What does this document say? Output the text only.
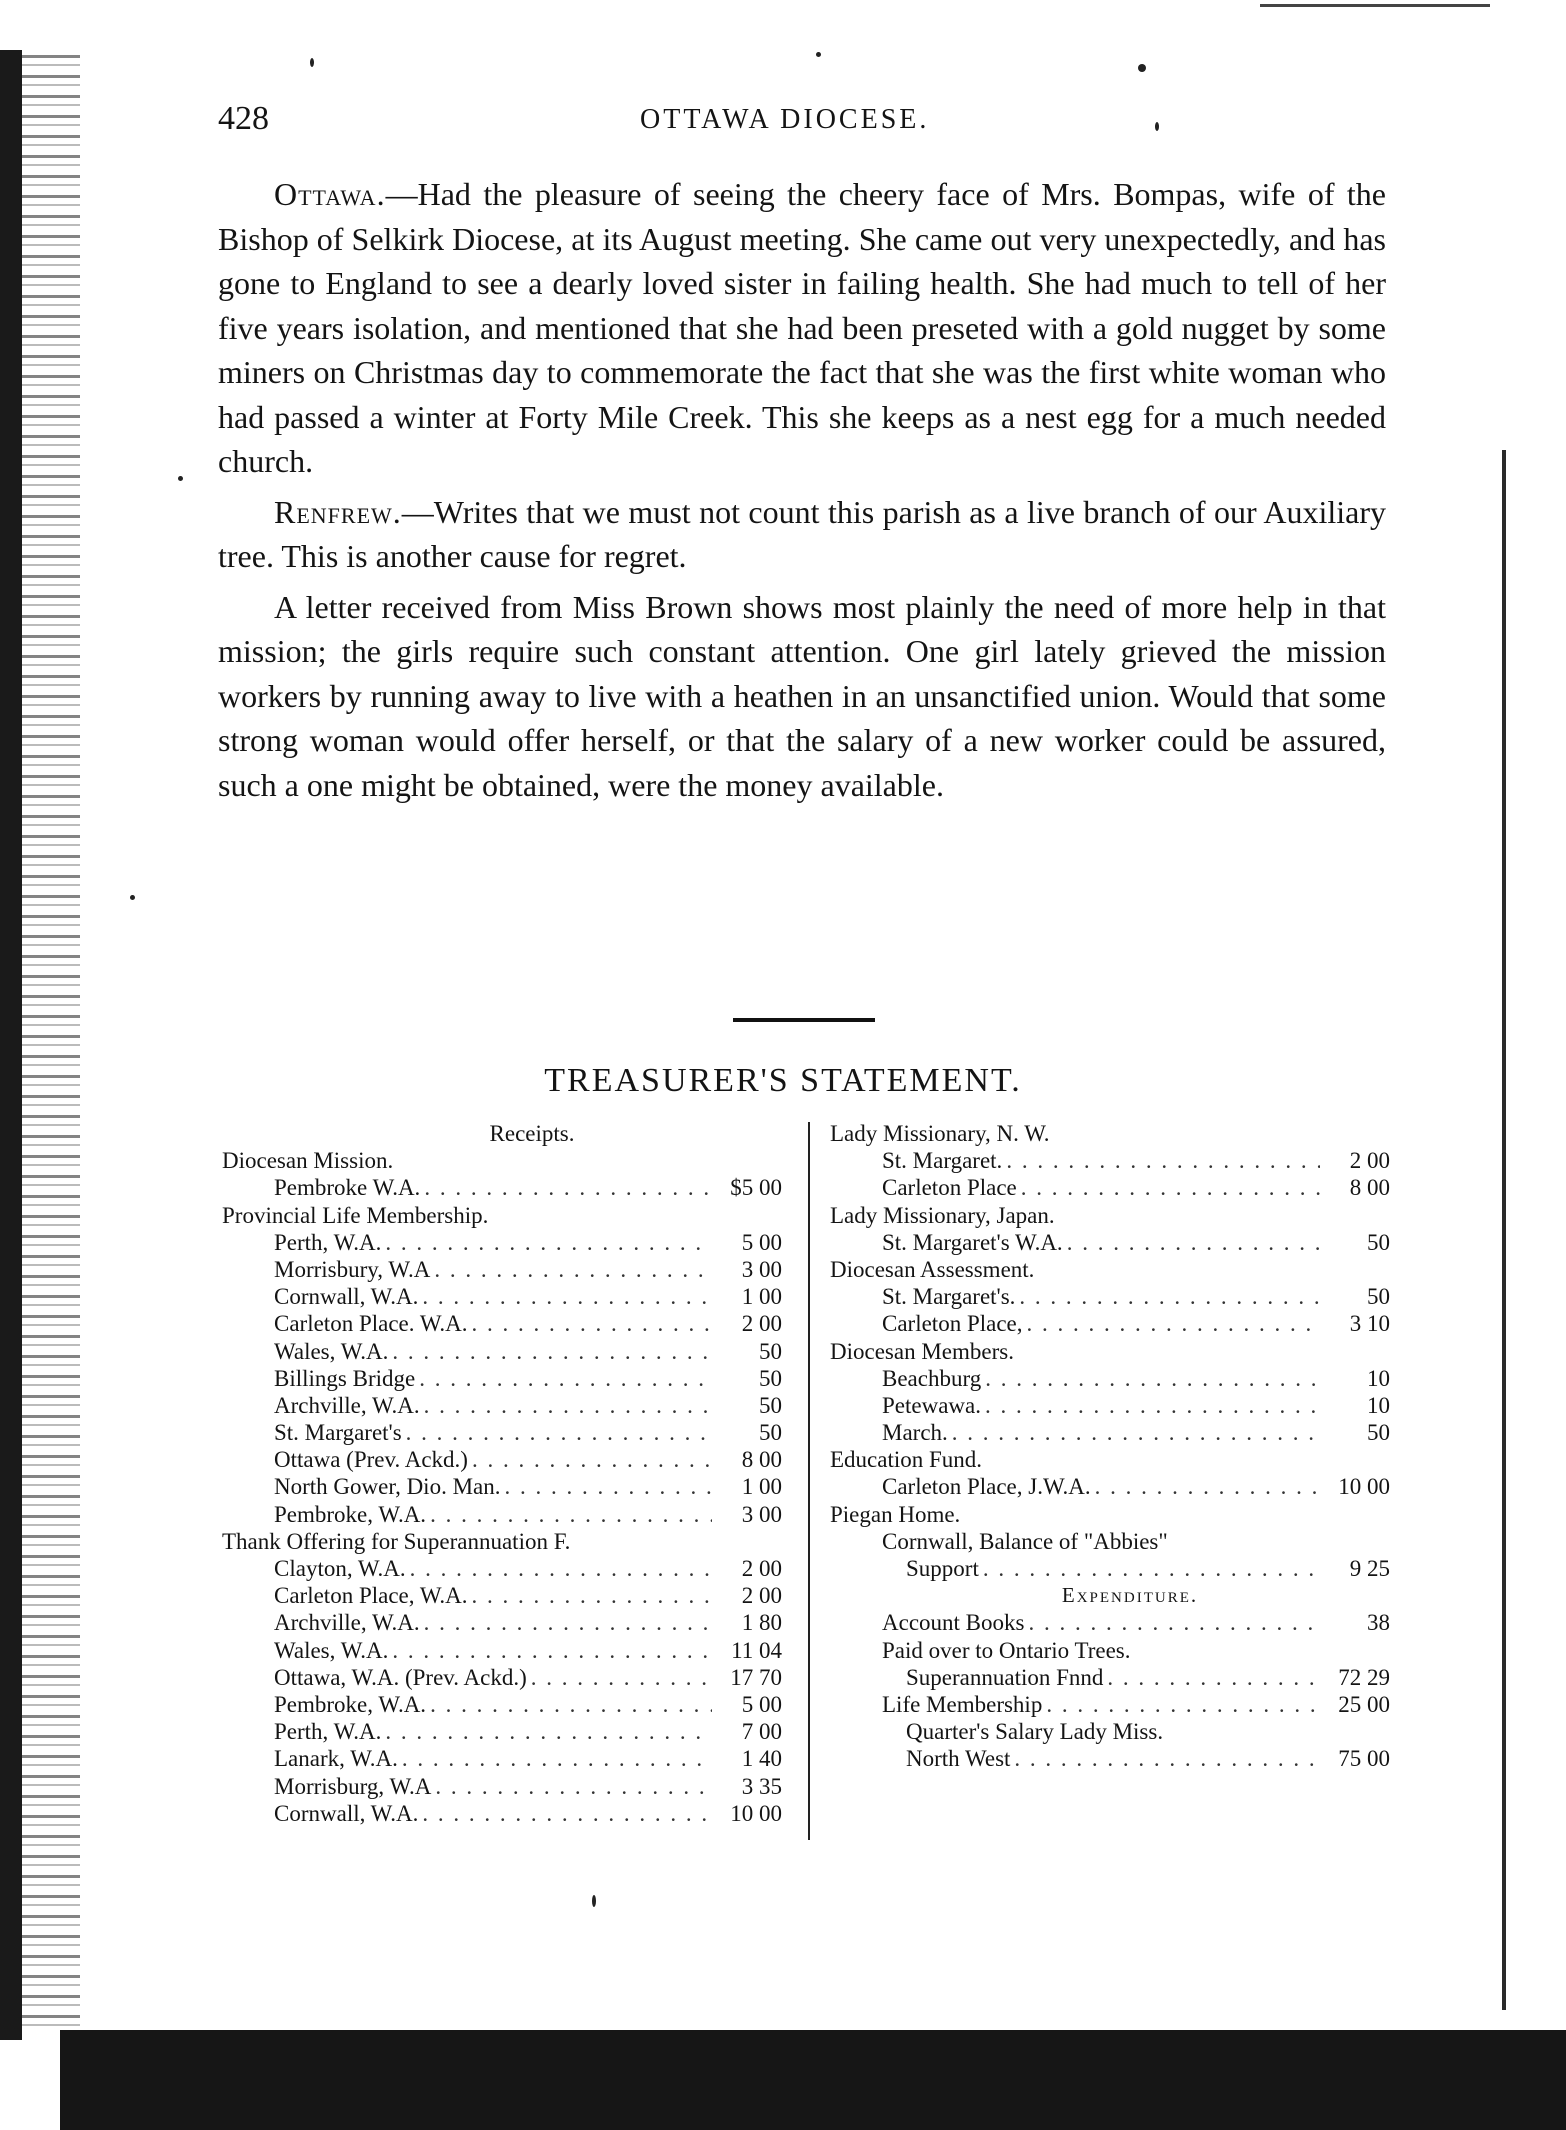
428	OTTAWA DIOCESE.

Ottawa.—Had the pleasure of seeing the cheery face of Mrs. Bompas, wife of the Bishop of Selkirk Diocese, at its August meeting. She came out very unexpectedly, and has gone to England to see a dearly loved sister in failing health. She had much to tell of her five years isolation, and mentioned that she had been preseted with a gold nugget by some miners on Christmas day to commemorate the fact that she was the first white woman who had passed a winter at Forty Mile Creek. This she keeps as a nest egg for a much needed church.

Renfrew.—Writes that we must not count this parish as a live branch of our Auxiliary tree. This is another cause for regret.

A letter received from Miss Brown shows most plainly the need of more help in that mission; the girls require such constant attention. One girl lately grieved the mission workers by running away to live with a heathen in an unsanctified union. Would that some strong woman would offer herself, or that the salary of a new worker could be assured, such a one might be obtained, were the money available.

TREASURER'S STATEMENT.
Receipts.
Diocesan Mission.
Pembroke W.A. . . .	$5 00
Provincial Life Membership.
Perth, W.A. . . .	5 00
Morrisbury, W.A . . .	3 00
Cornwall, W.A. . . .	1 00
Carleton Place. W.A. . . .	2 00
Wales, W.A. . . .	50
Billings Bridge . . .	50
Archville, W.A. . . .	50
St. Margaret's . . .	50
Ottawa (Prev. Ackd.) . . .	8 00
North Gower, Dio. Man. . . .	1 00
Pembroke, W.A. . . .	3 00
Thank Offering for Superannuation F.
Clayton, W.A. . . .	2 00
Carleton Place, W.A. . . .	2 00
Archville, W.A. . . .	1 80
Wales, W.A. . . .	11 04
Ottawa, W.A. (Prev. Ackd.) . . .	17 70
Pembroke, W.A. . . .	5 00
Perth, W.A. . . .	7 00
Lanark, W.A. . . .	1 40
Morrisburg, W.A . . .	3 35
Cornwall, W.A. . . .	10 00
Lady Missionary, N. W.
St. Margaret. . . .	2 00
Carleton Place . . .	8 00
Lady Missionary, Japan.
St. Margaret's W.A. . . .	50
Diocesan Assessment.
St. Margaret's. . . .	50
Carleton Place, . . .	3 10
Diocesan Members.
Beachburg . . .	10
Petewawa. . . .	10
March. . . .	50
Education Fund.
Carleton Place, J.W.A. . . .	10 00
Piegan Home.
Cornwall, Balance of "Abbies"
Support . . .	9 25
Expenditure.
Account Books . . .	38
Paid over to Ontario Trees.
Superannuation Fnnd . . .	72 29
Life Membership . . .	25 00
Quarter's Salary Lady Miss.
North West . . .	75 00
